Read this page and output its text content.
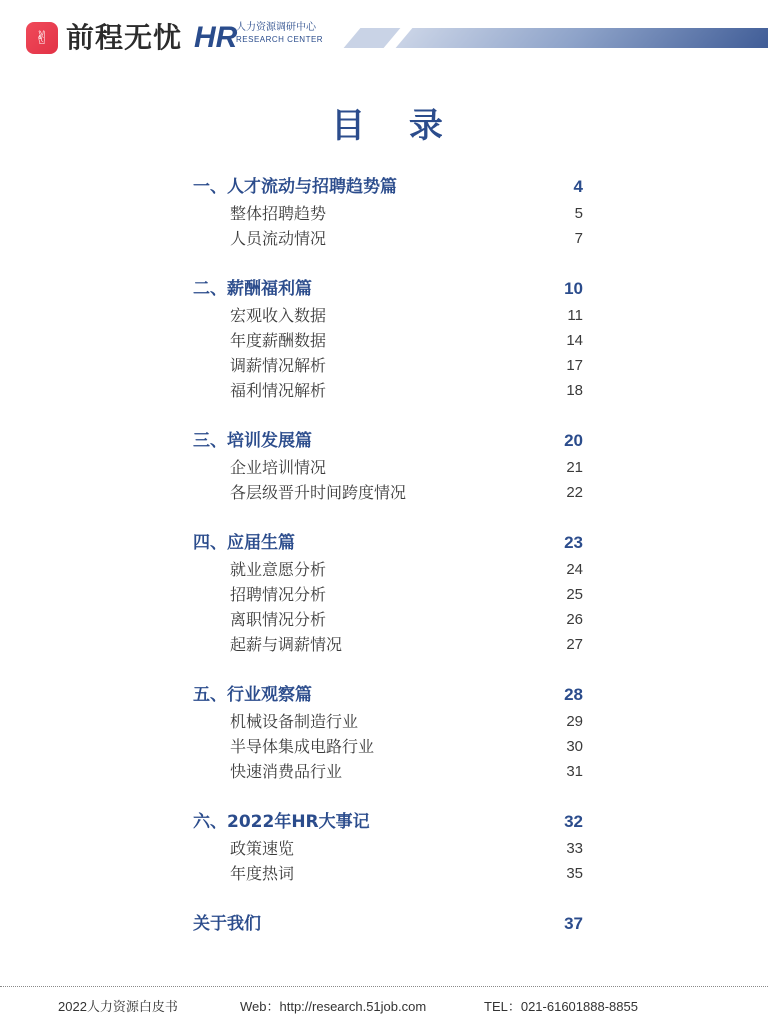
✌ 前程无忧 HR
人力资源调研中心
RESEARCH CENTER
目 录
一、人才流动与招聘趋势篇	4
整体招聘趋势	5
人员流动情况	7
二、薪酬福利篇	10
宏观收入数据	11
年度薪酬数据	14
调薪情况解析	17
福利情况解析	18
三、培训发展篇	20
企业培训情况	21
各层级晋升时间跨度情况	22
四、应届生篇	23
就业意愿分析	24
招聘情况分析	25
离职情况分析	26
起薪与调薪情况	27
五、行业观察篇	28
机械设备制造行业	29
半导体集成电路行业	30
快速消费品行业	31
六、2022年HR大事记	32
政策速览	33
年度热词	35
关于我们	37
2022人力资源白皮书	Web：http://research.51job.com	TEL：021-61601888-8855
